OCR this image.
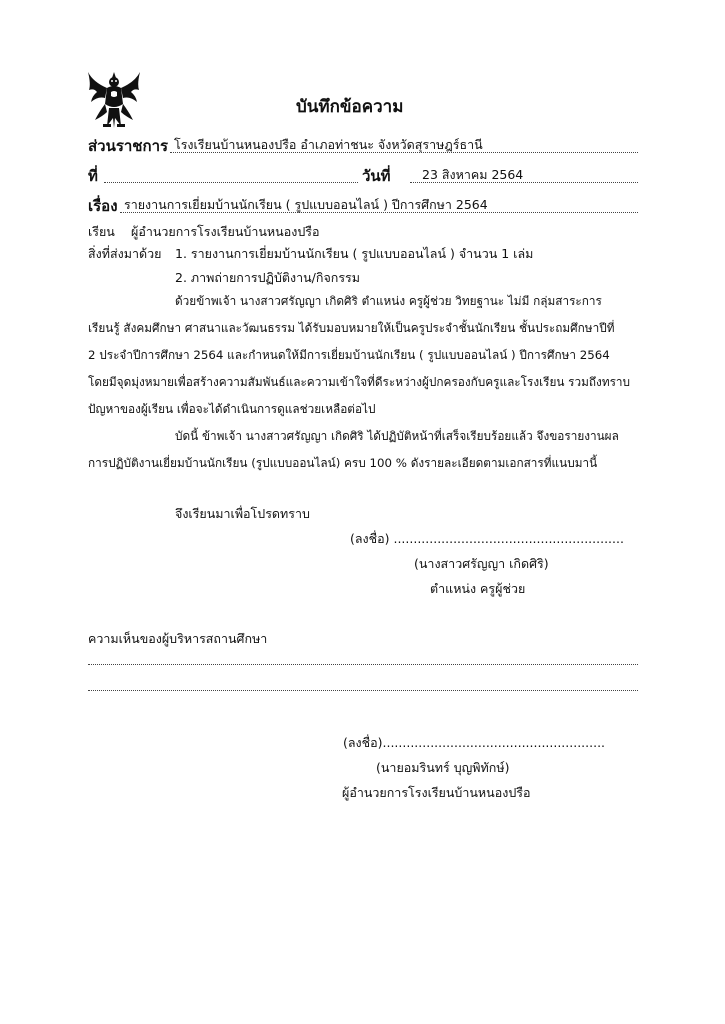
บันทึกข้อความ
ส่วนราชการ โรงเรียนบ้านหนองปรือ อำเภอท่าชนะ จังหวัดสุราษฎร์ธานี
ที่	วันที่	23 สิงหาคม 2564
เรื่อง รายงานการเยี่ยมบ้านนักเรียน ( รูปแบบออนไลน์ ) ปีการศึกษา 2564
เรียน ผู้อำนวยการโรงเรียนบ้านหนองปรือ
สิ่งที่ส่งมาด้วย 1. รายงานการเยี่ยมบ้านนักเรียน ( รูปแบบออนไลน์ ) จำนวน 1 เล่ม
2. ภาพถ่ายการปฏิบัติงาน/กิจกรรม
ด้วยข้าพเจ้า นางสาวศรัญญา เกิดศิริ ตำแหน่ง ครูผู้ช่วย วิทยฐานะ ไม่มี กลุ่มสาระการ
เรียนรู้ สังคมศึกษา ศาสนาและวัฒนธรรม ได้รับมอบหมายให้เป็นครูประจำชั้นนักเรียน ชั้นประถมศึกษาปีที่
2 ประจำปีการศึกษา 2564 และกำหนดให้มีการเยี่ยมบ้านนักเรียน ( รูปแบบออนไลน์ ) ปีการศึกษา 2564
โดยมีจุดมุ่งหมายเพื่อสร้างความสัมพันธ์และความเข้าใจที่ดีระหว่างผู้ปกครองกับครูและโรงเรียน รวมถึงทราบ
ปัญหาของผู้เรียน เพื่อจะได้ดำเนินการดูแลช่วยเหลือต่อไป
บัดนี้ ข้าพเจ้า นางสาวศรัญญา เกิดศิริ ได้ปฏิบัติหน้าที่เสร็จเรียบร้อยแล้ว จึงขอรายงานผล
การปฏิบัติงานเยี่ยมบ้านนักเรียน (รูปแบบออนไลน์) ครบ 100 % ดังรายละเอียดตามเอกสารที่แนบมานี้
จึงเรียนมาเพื่อโปรดทราบ
(ลงชื่อ) ..........................................................
(นางสาวศรัญญา เกิดศิริ)
ตำแหน่ง ครูผู้ช่วย
ความเห็นของผู้บริหารสถานศึกษา
(ลงชื่อ)........................................................
(นายอมรินทร์ บุญพิทักษ์)
ผู้อำนวยการโรงเรียนบ้านหนองปรือ
